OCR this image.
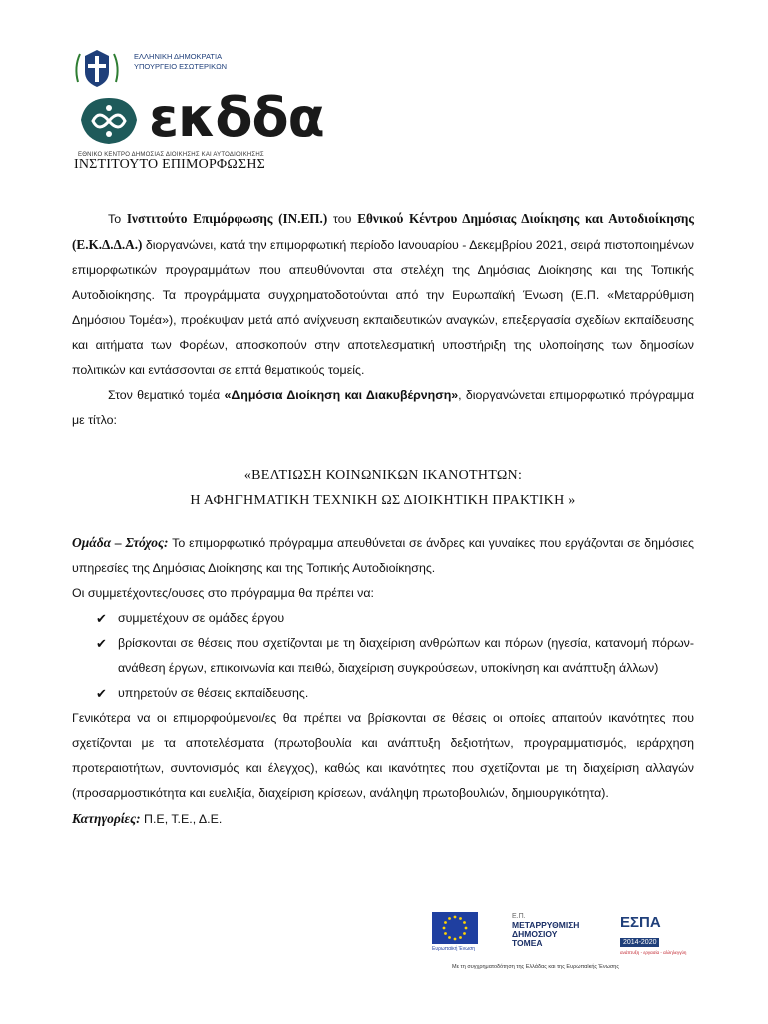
ΕΛΛΗΝΙΚΗ ΔΗΜΟΚΡΑΤΙΑ
ΥΠΟΥΡΓΕΙΟ ΕΣΩΤΕΡΙΚΩΝ
εκδδα
ΕΘΝΙΚΟ ΚΕΝΤΡΟ ΔΗΜΟΣΙΑΣ ΔΙΟΙΚΗΣΗΣ ΚΑΙ ΑΥΤΟΔΙΟΙΚΗΣΗΣ
ΙΝΣΤΙΤΟΥΤΟ ΕΠΙΜΟΡΦΩΣΗΣ

Το Ινστιτούτο Επιμόρφωσης (ΙΝ.ΕΠ.) του Εθνικού Κέντρου Δημόσιας Διοίκησης και Αυτοδιοίκησης (Ε.Κ.Δ.Δ.Α.) διοργανώνει, κατά την επιμορφωτική περίοδο Ιανουαρίου - Δεκεμβρίου 2021, σειρά πιστοποιημένων επιμορφωτικών προγραμμάτων που απευθύνονται στα στελέχη της Δημόσιας Διοίκησης και της Τοπικής Αυτοδιοίκησης. Τα προγράμματα συγχρηματοδοτούνται από την Ευρωπαϊκή Ένωση (Ε.Π. «Μεταρρύθμιση Δημόσιου Τομέα»), προέκυψαν μετά από ανίχνευση εκπαιδευτικών αναγκών, επεξεργασία σχεδίων εκπαίδευσης και αιτήματα των Φορέων, αποσκοπούν στην αποτελεσματική υποστήριξη της υλοποίησης των δημοσίων πολιτικών και εντάσσονται σε επτά θεματικούς τομείς.

Στον θεματικό τομέα «Δημόσια Διοίκηση και Διακυβέρνηση», διοργανώνεται επιμορφωτικό πρόγραμμα με τίτλο:

«ΒΕΛΤΙΩΣΗ ΚΟΙΝΩΝΙΚΩΝ ΙΚΑΝΟΤΗΤΩΝ:
Η ΑΦΗΓΗΜΑΤΙΚΗ ΤΕΧΝΙΚΗ ΩΣ ΔΙΟΙΚΗΤΙΚΗ ΠΡΑΚΤΙΚΗ »

Ομάδα – Στόχος: Το επιμορφωτικό πρόγραμμα απευθύνεται σε άνδρες και γυναίκες που εργάζονται σε δημόσιες υπηρεσίες της Δημόσιας Διοίκησης και της Τοπικής Αυτοδιοίκησης.

Οι συμμετέχοντες/ουσες στο πρόγραμμα θα πρέπει να:

✔ συμμετέχουν σε ομάδες έργου
✔ βρίσκονται σε θέσεις που σχετίζονται με τη διαχείριση ανθρώπων και πόρων (ηγεσία, κατανομή πόρων-ανάθεση έργων, επικοινωνία και πειθώ, διαχείριση συγκρούσεων, υποκίνηση και ανάπτυξη άλλων)
✔ υπηρετούν σε θέσεις εκπαίδευσης.

Γενικότερα να οι επιμορφούμενοι/ες θα πρέπει να βρίσκονται σε θέσεις οι οποίες απαιτούν ικανότητες που σχετίζονται με τα αποτελέσματα (πρωτοβουλία και ανάπτυξη δεξιοτήτων, προγραμματισμός, ιεράρχηση προτεραιοτήτων, συντονισμός και έλεγχος), καθώς και ικανότητες που σχετίζονται με τη διαχείριση αλλαγών (προσαρμοστικότητα και ευελιξία, διαχείριση κρίσεων, ανάληψη πρωτοβουλιών, δημιουργικότητα).

Κατηγορίες: Π.Ε, Τ.Ε., Δ.Ε.

Ευρωπαϊκή Ένωση
Ε.Π.
ΜΕΤΑΡΡΥΘΜΙΣΗ
ΔΗΜΟΣΙΟΥ
ΤΟΜΕΑ
ΕΣΠΑ
2014-2020
ανάπτυξη - εργασία - αλληλεγγύη
Με τη συγχρηματοδότηση της Ελλάδας και της Ευρωπαϊκής Ένωσης
